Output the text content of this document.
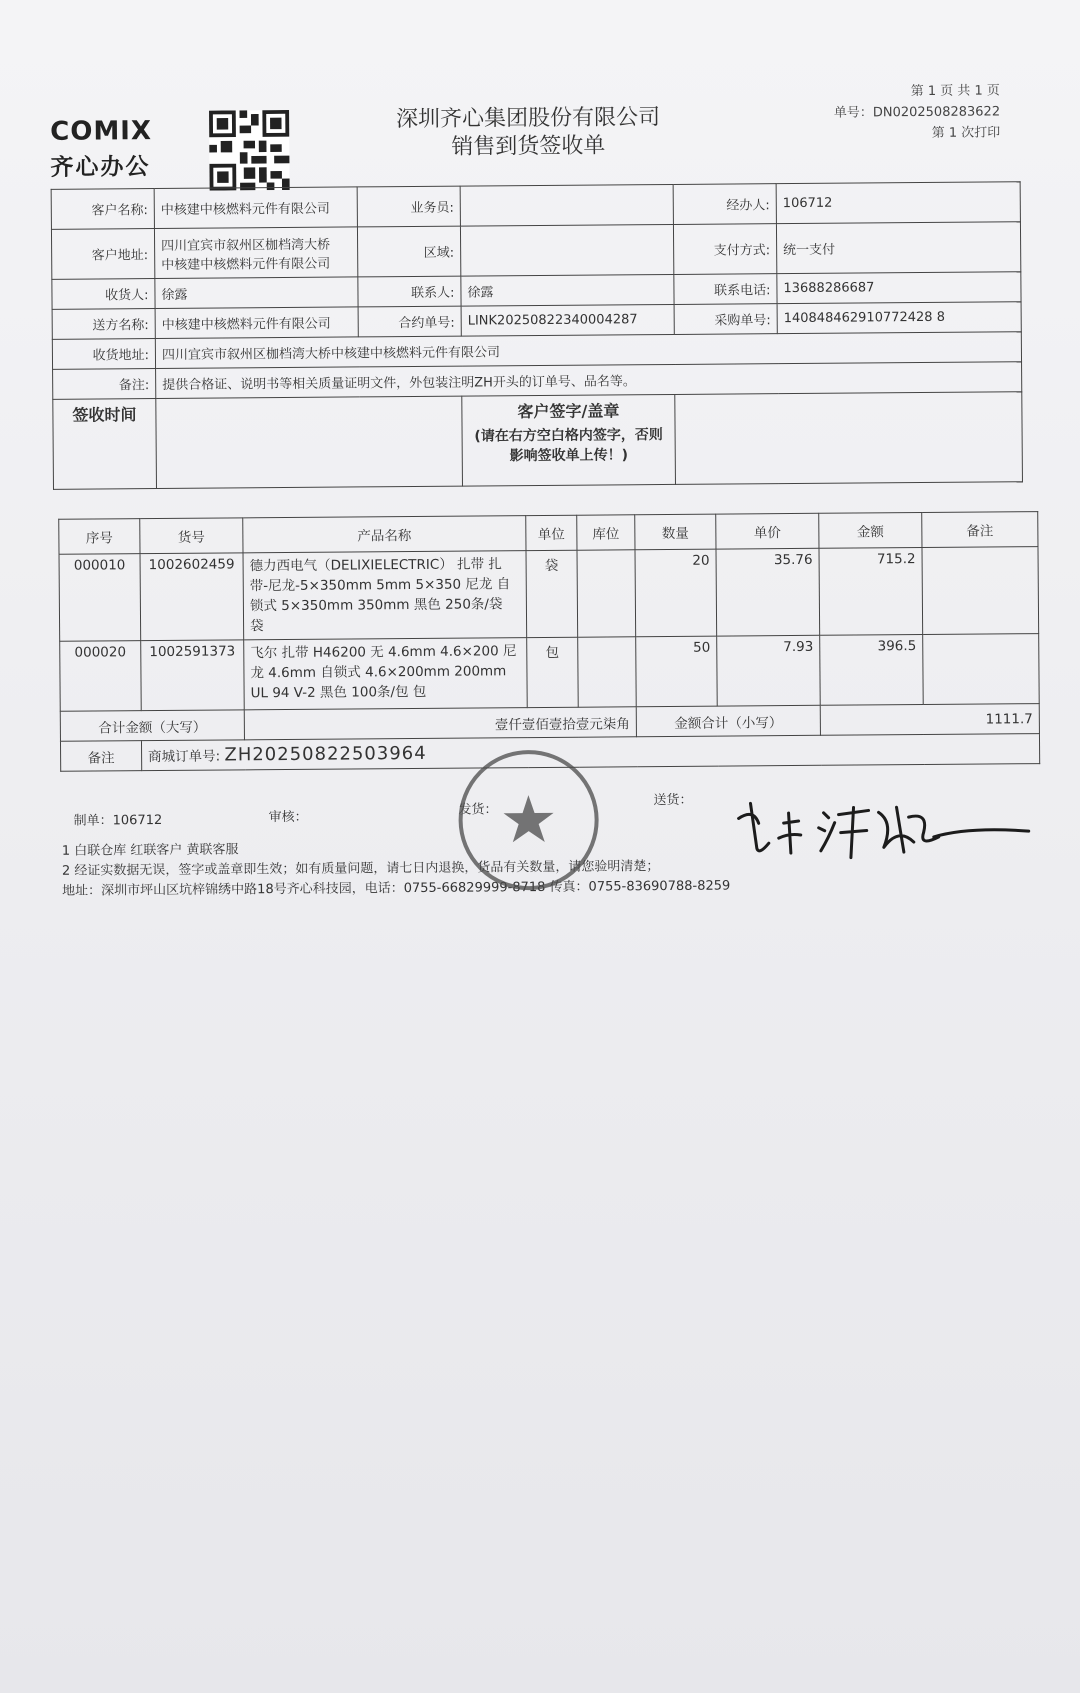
COMIX
齐心办公
深圳齐心集团股份有限公司
销售到货签收单
第 1 页 共 1 页
单号：DN0202508283622
第 1 次打印
客户名称:	中核建中核燃料元件有限公司	业务员:		经办人:	106712
客户地址:	四川宜宾市叙州区枷档湾大桥
中核建中核燃料元件有限公司	区域:		支付方式:	统一支付
收货人:	徐露	联系人:	徐露	联系电话:	13688286687
送方名称:	中核建中核燃料元件有限公司	合约单号:	LINK20250822340004287	采购单号:	140848462910772428 8
收货地址:	四川宜宾市叙州区枷档湾大桥中核建中核燃料元件有限公司				
备注:	提供合格证、说明书等相关质量证明文件，外包装注明ZH开头的订单号、品名等。				
签收时间			客户签字/盖章
(请在右方空白格内签字，否则影响签收单上传！)		

序号	货号	产品名称	单位	库位	数量	单价	金额	备注
000010	1002602459	德力西电气（DELIXIELECTRIC） 扎带 扎带-尼龙-5×350mm 5mm 5×350 尼龙 自锁式 5×350mm 350mm 黑色 250条/袋 袋	袋		20	35.76	715.2	
000020	1002591373	飞尔 扎带 H46200 无 4.6mm 4.6×200 尼龙 4.6mm 自锁式 4.6×200mm 200mm UL 94 V-2 黑色 100条/包 包	包		50	7.93	396.5	
合计金额（大写）		壹仟壹佰壹拾壹元柒角			金额合计（小写）		1111.7	
备注	商城订单号: ZH20250822503964							
制单：106712	审核：	发货：
送货：
1 白联仓库 红联客户 黄联客服
2 经证实数据无误，签字或盖章即生效；如有质量问题，请七日内退换，货品有关数量，请您验明清楚；
地址：深圳市坪山区坑梓锦绣中路18号齐心科技园，电话：0755-66829999-8718 传真：0755-83690788-8259
